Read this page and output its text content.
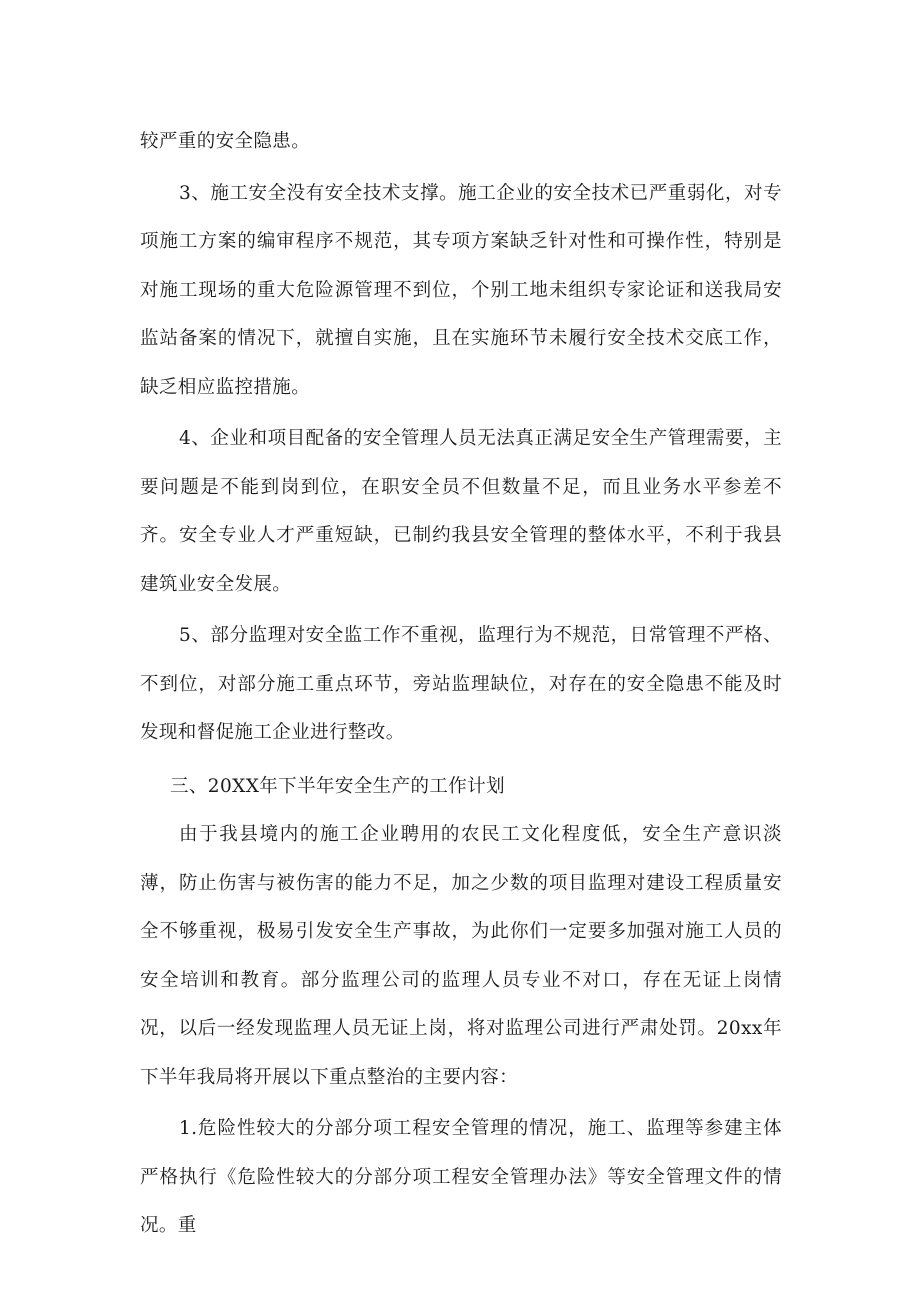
较严重的安全隐患。

3、施工安全没有安全技术支撑。施工企业的安全技术已严重弱化，对专项施工方案的编审程序不规范，其专项方案缺乏针对性和可操作性，特别是对施工现场的重大危险源管理不到位，个别工地未组织专家论证和送我局安监站备案的情况下，就擅自实施，且在实施环节未履行安全技术交底工作，缺乏相应监控措施。

4、企业和项目配备的安全管理人员无法真正满足安全生产管理需要，主要问题是不能到岗到位，在职安全员不但数量不足，而且业务水平参差不齐。安全专业人才严重短缺，已制约我县安全管理的整体水平，不利于我县建筑业安全发展。

5、部分监理对安全监工作不重视，监理行为不规范，日常管理不严格、不到位，对部分施工重点环节，旁站监理缺位，对存在的安全隐患不能及时发现和督促施工企业进行整改。

三、20XX年下半年安全生产的工作计划

由于我县境内的施工企业聘用的农民工文化程度低，安全生产意识淡薄，防止伤害与被伤害的能力不足，加之少数的项目监理对建设工程质量安全不够重视，极易引发安全生产事故，为此你们一定要多加强对施工人员的安全培训和教育。部分监理公司的监理人员专业不对口，存在无证上岗情况，以后一经发现监理人员无证上岗，将对监理公司进行严肃处罚。20xx年下半年我局将开展以下重点整治的主要内容：

1.危险性较大的分部分项工程安全管理的情况，施工、监理等参建主体严格执行《危险性较大的分部分项工程安全管理办法》等安全管理文件的情况。重
